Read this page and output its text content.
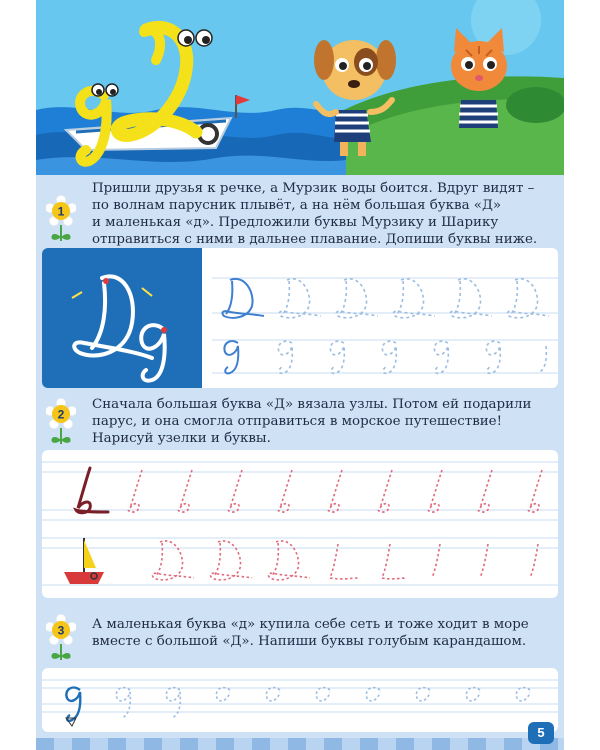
1

Пришли друзья к речке, а Мурзик воды боится. Вдруг видят –
по волнам парусник плывёт, а на нём большая буква «Д»
и маленькая «д». Предложили буквы Мурзику и Шарику
отправиться с ними в дальнее плавание. Допиши буквы ниже.

2

Сначала большая буква «Д» вязала узлы. Потом ей подарили
парус, и она смогла отправиться в морское путешествие!
Нарисуй узелки и буквы.

3 А маленькая буква «д» купила себе сеть и тоже ходит в море
вместе с большой «Д». Напиши буквы голубым карандашом.

5
